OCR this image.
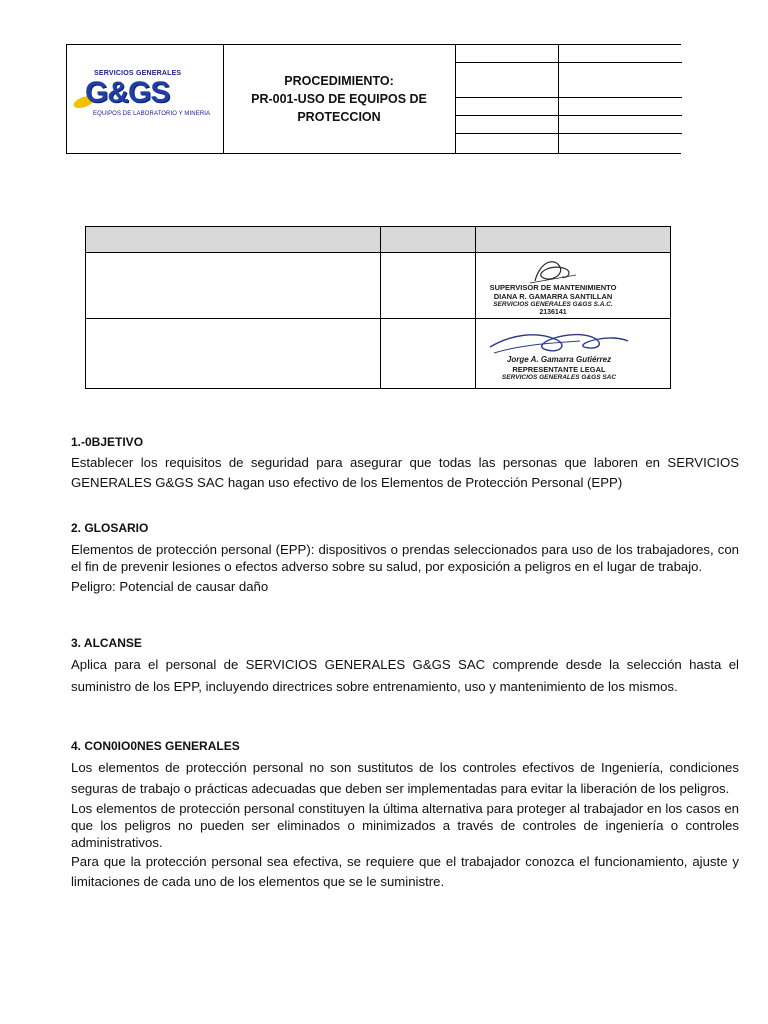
SERVICIOS GENERALES
G&GS
EQUIPOS DE LABORATORIO Y MINERIA
PROCEDIMIENTO:
PR-001-USO DE EQUIPOS DE
PROTECCION
SUPERVISOR DE MANTENIMIENTO
DIANA R. GAMARRA SANTILLAN
SERVICIOS GENERALES G&GS S.A.C.
2136141
Jorge A. Gamarra Gutiérrez
REPRESENTANTE LEGAL
SERVICIOS GENERALES G&GS SAC
1.-0BJETIVO
Establecer los requisitos de seguridad para asegurar que todas las personas que laboren en SERVICIOS GENERALES G&GS SAC hagan uso efectivo de los Elementos de Protección Personal (EPP)
2. GLOSARIO

Elementos de protección personal (EPP): dispositivos o prendas seleccionados para uso de los trabajadores, con el fin de prevenir lesiones o efectos adverso sobre su salud, por exposición a peligros en el lugar de trabajo.

Peligro: Potencial de causar daño

3. ALCANSE
Aplica para el personal de SERVICIOS GENERALES G&GS SAC comprende desde la selección hasta el suministro de los EPP, incluyendo directrices sobre entrenamiento, uso y mantenimiento de los mismos.
4. CON0IO0NES GENERALES

Los elementos de protección personal no son sustitutos de los controles efectivos de Ingeniería, condiciones seguras de trabajo o prácticas adecuadas que deben ser implementadas para evitar la liberación de los peligros.

Los elementos de protección personal constituyen la última alternativa para proteger al trabajador en los casos en que los peligros no pueden ser eliminados o minimizados a través de controles de ingeniería o controles administrativos.

Para que la protección personal sea efectiva, se requiere que el trabajador conozca el funcionamiento, ajuste y limitaciones de cada uno de los elementos que se le suministre.
